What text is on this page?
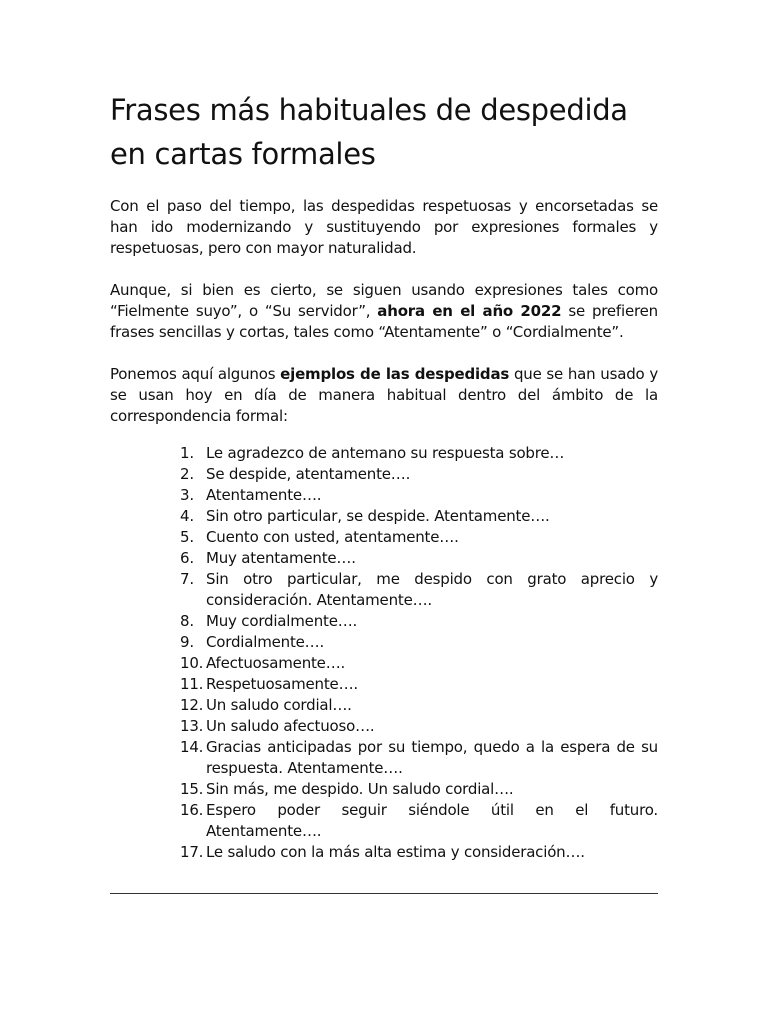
Frases más habituales de despedida en cartas formales

Con el paso del tiempo, las despedidas respetuosas y encorsetadas se han ido modernizando y sustituyendo por expresiones formales y respetuosas, pero con mayor naturalidad.

Aunque, si bien es cierto, se siguen usando expresiones tales como “Fielmente suyo”, o “Su servidor”, ahora en el año 2022 se prefieren frases sencillas y cortas, tales como “Atentamente” o “Cordialmente”.

Ponemos aquí algunos ejemplos de las despedidas que se han usado y se usan hoy en día de manera habitual dentro del ámbito de la correspondencia formal:

1. Le agradezco de antemano su respuesta sobre…
2. Se despide, atentamente….
3. Atentamente….
4. Sin otro particular, se despide. Atentamente….
5. Cuento con usted, atentamente….
6. Muy atentamente….
7. Sin otro particular, me despido con grato aprecio y consideración. Atentamente….
8. Muy cordialmente….
9. Cordialmente….
10. Afectuosamente….
11. Respetuosamente….
12. Un saludo cordial….
13. Un saludo afectuoso….
14. Gracias anticipadas por su tiempo, quedo a la espera de su respuesta. Atentamente….
15. Sin más, me despido. Un saludo cordial….
16. Espero poder seguir siéndole útil en el futuro. Atentamente….
17. Le saludo con la más alta estima y consideración….
